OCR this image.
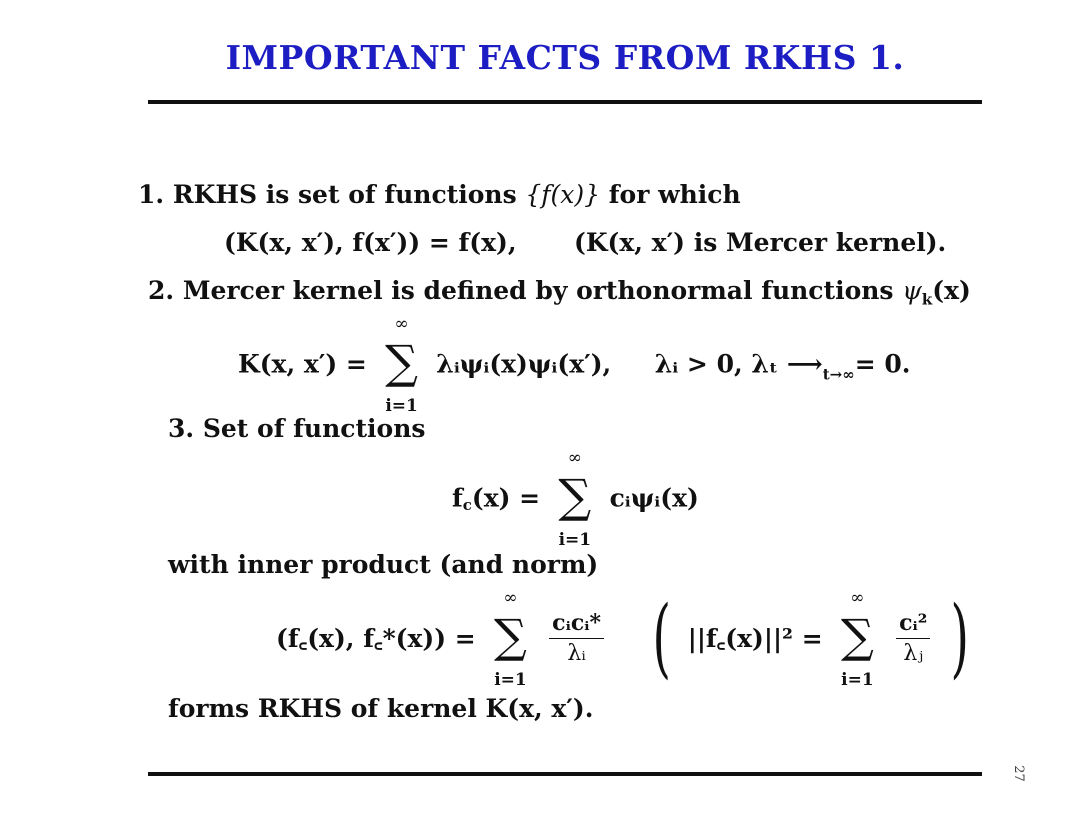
IMPORTANT FACTS FROM RKHS 1.
1. RKHS is set of functions {f(x)} for which
(K(x, x′), f(x′)) = f(x), (K(x, x′) is Mercer kernel).
2. Mercer kernel is defined by orthonormal functions $\psi_k(x)$
K(x, x′) =
∞
∑
i=1
λᵢψᵢ(x)ψᵢ(x′), λᵢ > 0, λₜ $⟶_{t\to\infty}= 0$.
3. Set of functions
$f_c(x)$ =
∞
∑
i=1
cᵢψᵢ(x)
with inner product (and norm)
(f꜀(x), f꜀*(x)) =
∞
∑
i=1

$\frac{\text{cᵢcᵢ*}}{\text{λᵢ}}$ ( ||f꜀(x)||² =
∞
∑
i=1

$\frac{\text{cᵢ²}}{\text{λⱼ}}$ )
forms RKHS of kernel K(x, x′).
27
